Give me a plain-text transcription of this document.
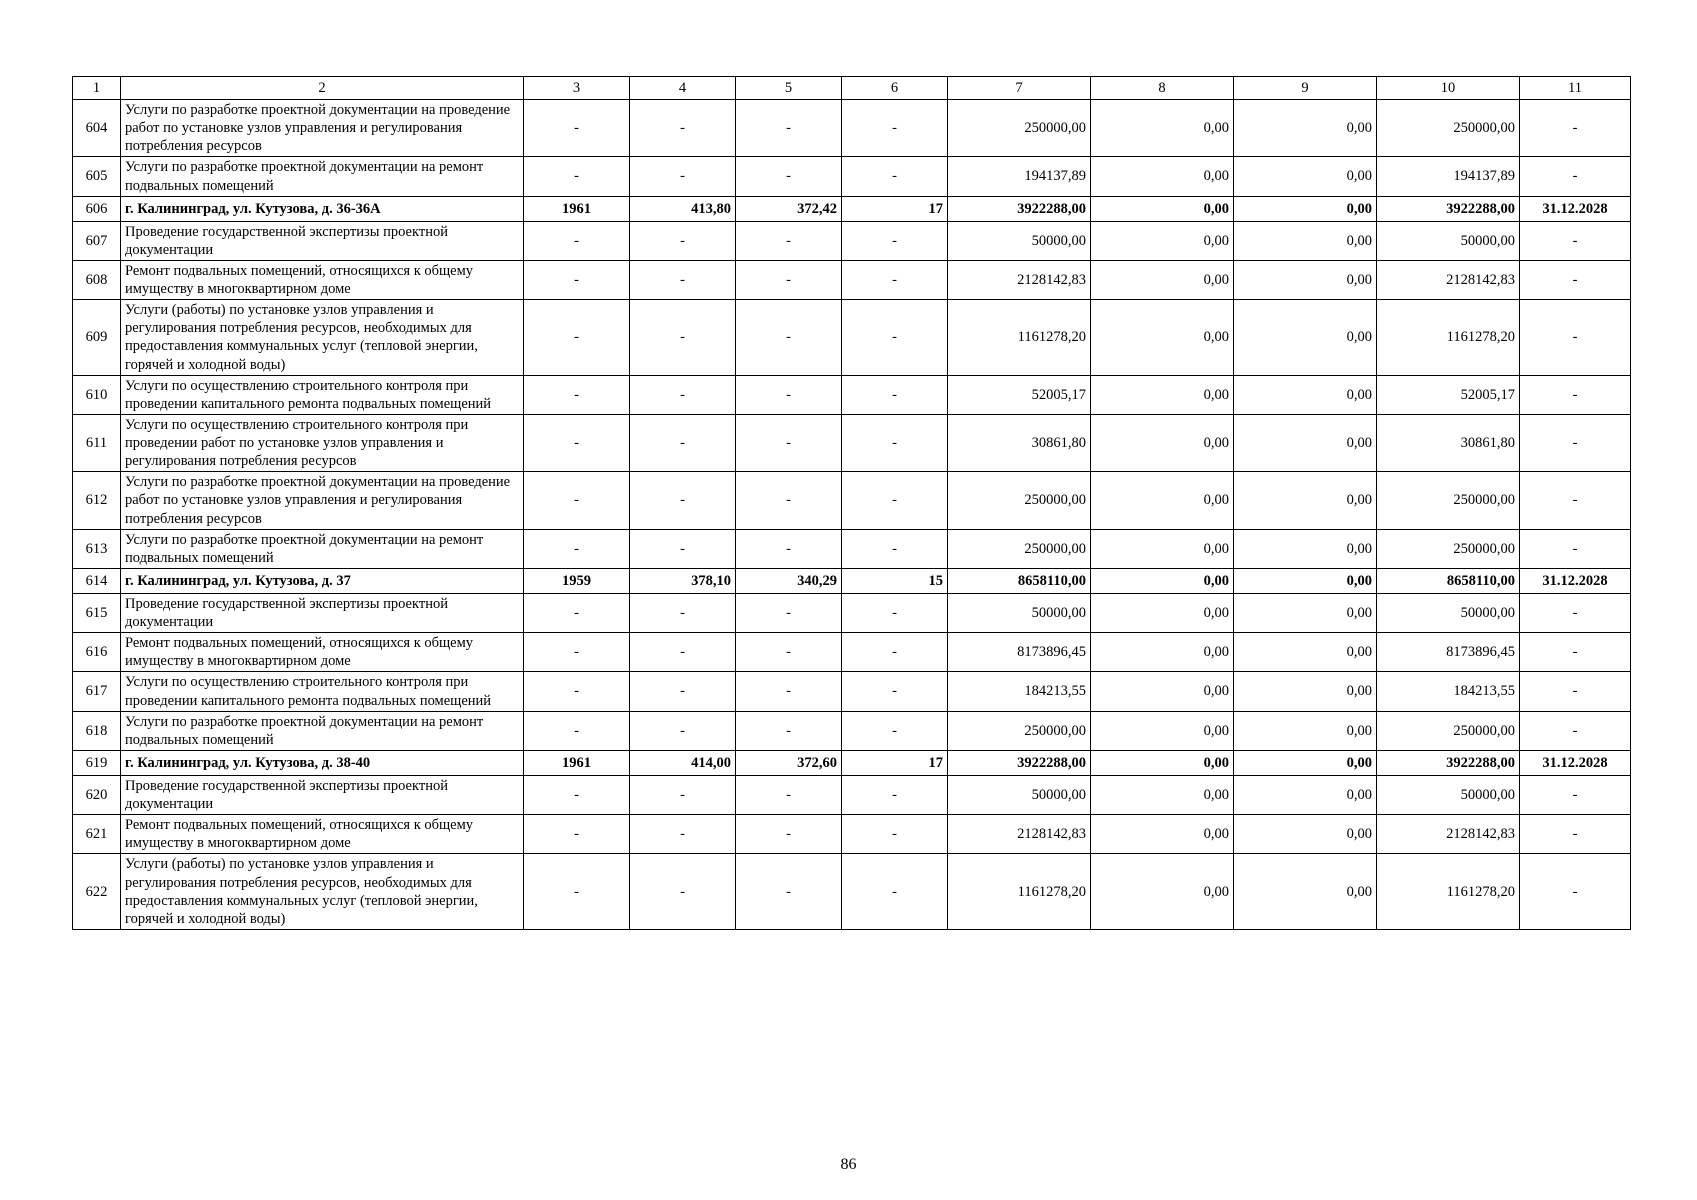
1	2	3	4	5	6	7	8	9	10	11
604	Услуги по разработке проектной документации на проведение работ по установке узлов управления и регулирования потребления ресурсов	-	-	-	-	250000,00	0,00	0,00	250000,00	-
605	Услуги по разработке проектной документации на ремонт подвальных помещений	-	-	-	-	194137,89	0,00	0,00	194137,89	-
606	г. Калининград, ул. Кутузова, д. 36-36А	1961	413,80	372,42	17	3922288,00	0,00	0,00	3922288,00	31.12.2028
607	Проведение государственной экспертизы проектной документации	-	-	-	-	50000,00	0,00	0,00	50000,00	-
608	Ремонт подвальных помещений, относящихся к общему имуществу в многоквартирном доме	-	-	-	-	2128142,83	0,00	0,00	2128142,83	-
609	Услуги (работы) по установке узлов управления и регулирования потребления ресурсов, необходимых для предоставления коммунальных услуг (тепловой энергии, горячей и холодной воды)	-	-	-	-	1161278,20	0,00	0,00	1161278,20	-
610	Услуги по осуществлению строительного контроля при проведении капитального ремонта подвальных помещений	-	-	-	-	52005,17	0,00	0,00	52005,17	-
611	Услуги по осуществлению строительного контроля при проведении работ по установке узлов управления и регулирования потребления ресурсов	-	-	-	-	30861,80	0,00	0,00	30861,80	-
612	Услуги по разработке проектной документации на проведение работ по установке узлов управления и регулирования потребления ресурсов	-	-	-	-	250000,00	0,00	0,00	250000,00	-
613	Услуги по разработке проектной документации на ремонт подвальных помещений	-	-	-	-	250000,00	0,00	0,00	250000,00	-
614	г. Калининград, ул. Кутузова, д. 37	1959	378,10	340,29	15	8658110,00	0,00	0,00	8658110,00	31.12.2028
615	Проведение государственной экспертизы проектной документации	-	-	-	-	50000,00	0,00	0,00	50000,00	-
616	Ремонт подвальных помещений, относящихся к общему имуществу в многоквартирном доме	-	-	-	-	8173896,45	0,00	0,00	8173896,45	-
617	Услуги по осуществлению строительного контроля при проведении капитального ремонта подвальных помещений	-	-	-	-	184213,55	0,00	0,00	184213,55	-
618	Услуги по разработке проектной документации на ремонт подвальных помещений	-	-	-	-	250000,00	0,00	0,00	250000,00	-
619	г. Калининград, ул. Кутузова, д. 38-40	1961	414,00	372,60	17	3922288,00	0,00	0,00	3922288,00	31.12.2028
620	Проведение государственной экспертизы проектной документации	-	-	-	-	50000,00	0,00	0,00	50000,00	-
621	Ремонт подвальных помещений, относящихся к общему имуществу в многоквартирном доме	-	-	-	-	2128142,83	0,00	0,00	2128142,83	-
622	Услуги (работы) по установке узлов управления и регулирования потребления ресурсов, необходимых для предоставления коммунальных услуг (тепловой энергии, горячей и холодной воды)	-	-	-	-	1161278,20	0,00	0,00	1161278,20	-
86
